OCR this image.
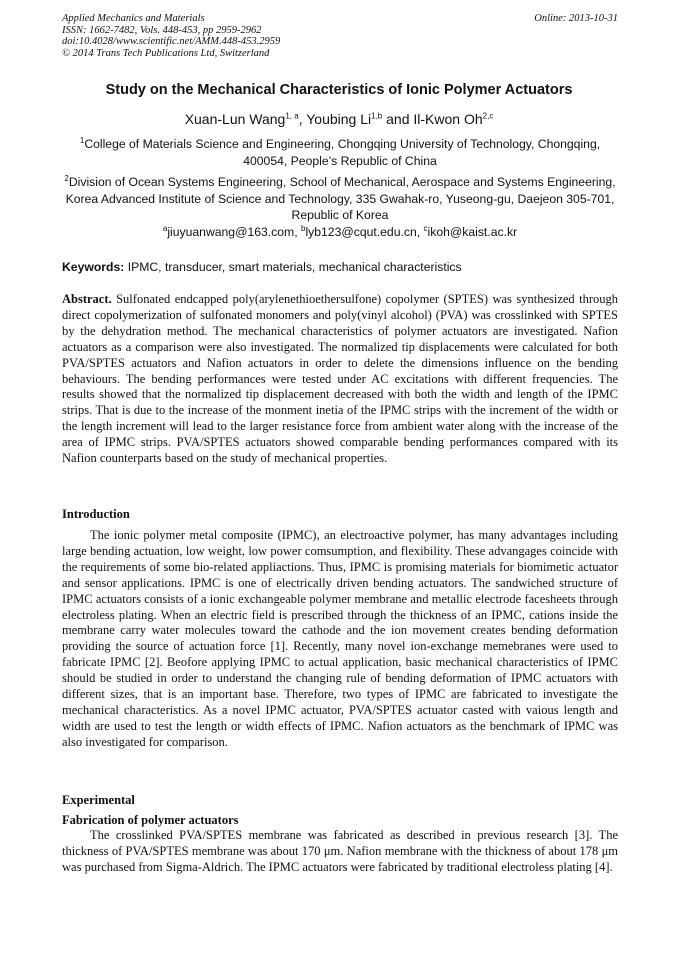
Applied Mechanics and Materials
ISSN: 1662-7482, Vols. 448-453, pp 2959-2962
doi:10.4028/www.scientific.net/AMM.448-453.2959
© 2014 Trans Tech Publications Ltd, Switzerland
Online: 2013-10-31
Study on the Mechanical Characteristics of Ionic Polymer Actuators
Xuan-Lun Wang$^{1, a}$, Youbing Li$^{1,b}$ and Il-Kwon Oh$^{2,c}$
$^1$College of Materials Science and Engineering, Chongqing University of Technology, Chongqing, 400054, People’s Republic of China
$^2$Division of Ocean Systems Engineering, School of Mechanical, Aerospace and Systems Engineering, Korea Advanced Institute of Science and Technology, 335 Gwahak-ro, Yuseong-gu, Daejeon 305-701, Republic of Korea
$^a$jiuyuanwang@163.com, $^b$lyb123@cqut.edu.cn, $^c$ikoh@kaist.ac.kr
Keywords: IPMC, transducer, smart materials, mechanical characteristics
Abstract. Sulfonated endcapped poly(arylenethioethersulfone) copolymer (SPTES) was synthesized through direct copolymerization of sulfonated monomers and poly(vinyl alcohol) (PVA) was crosslinked with SPTES by the dehydration method. The mechanical characteristics of polymer actuators are investigated. Nafion actuators as a comparison were also investigated. The normalized tip displacements were calculated for both PVA/SPTES actuators and Nafion actuators in order to delete the dimensions influence on the bending behaviours. The bending performances were tested under AC excitations with different frequencies. The results showed that the normalized tip displacement decreased with both the width and length of the IPMC strips. That is due to the increase of the monment inetia of the IPMC strips with the increment of the width or the length increment will lead to the larger resistance force from ambient water along with the increase of the area of IPMC strips. PVA/SPTES actuators showed comparable bending performances compared with its Nafion counterparts based on the study of mechanical properties.
Introduction
The ionic polymer metal composite (IPMC), an electroactive polymer, has many advantages including large bending actuation, low weight, low power comsumption, and flexibility. These advangages coincide with the requirements of some bio-related appliactions. Thus, IPMC is promising materials for biomimetic actuator and sensor applications. IPMC is one of electrically driven bending actuators. The sandwiched structure of IPMC actuators consists of a ionic exchangeable polymer membrane and metallic electrode facesheets through electroless plating. When an electric field is prescribed through the thickness of an IPMC, cations inside the membrane carry water molecules toward the cathode and the ion movement creates bending deformation providing the source of actuation force [1]. Recently, many novel ion-exchange memebranes were used to fabricate IPMC [2]. Beofore applying IPMC to actual application, basic mechanical characteristics of IPMC should be studied in order to understand the changing rule of bending deformation of IPMC actuators with different sizes, that is an important base. Therefore, two types of IPMC are fabricated to investigate the mechanical characteristics. As a novel IPMC actuator, PVA/SPTES actuator casted with vaious length and width are used to test the length or width effects of IPMC. Nafion actuators as the benchmark of IPMC was also investigated for comparison.
Experimental
Fabrication of polymer actuators
The crosslinked PVA/SPTES membrane was fabricated as described in previous research [3]. The thickness of PVA/SPTES membrane was about 170 μm. Nafion membrane with the thickness of about 178 μm was purchased from Sigma-Aldrich. The IPMC actuators were fabricated by traditional electroless plating [4].
